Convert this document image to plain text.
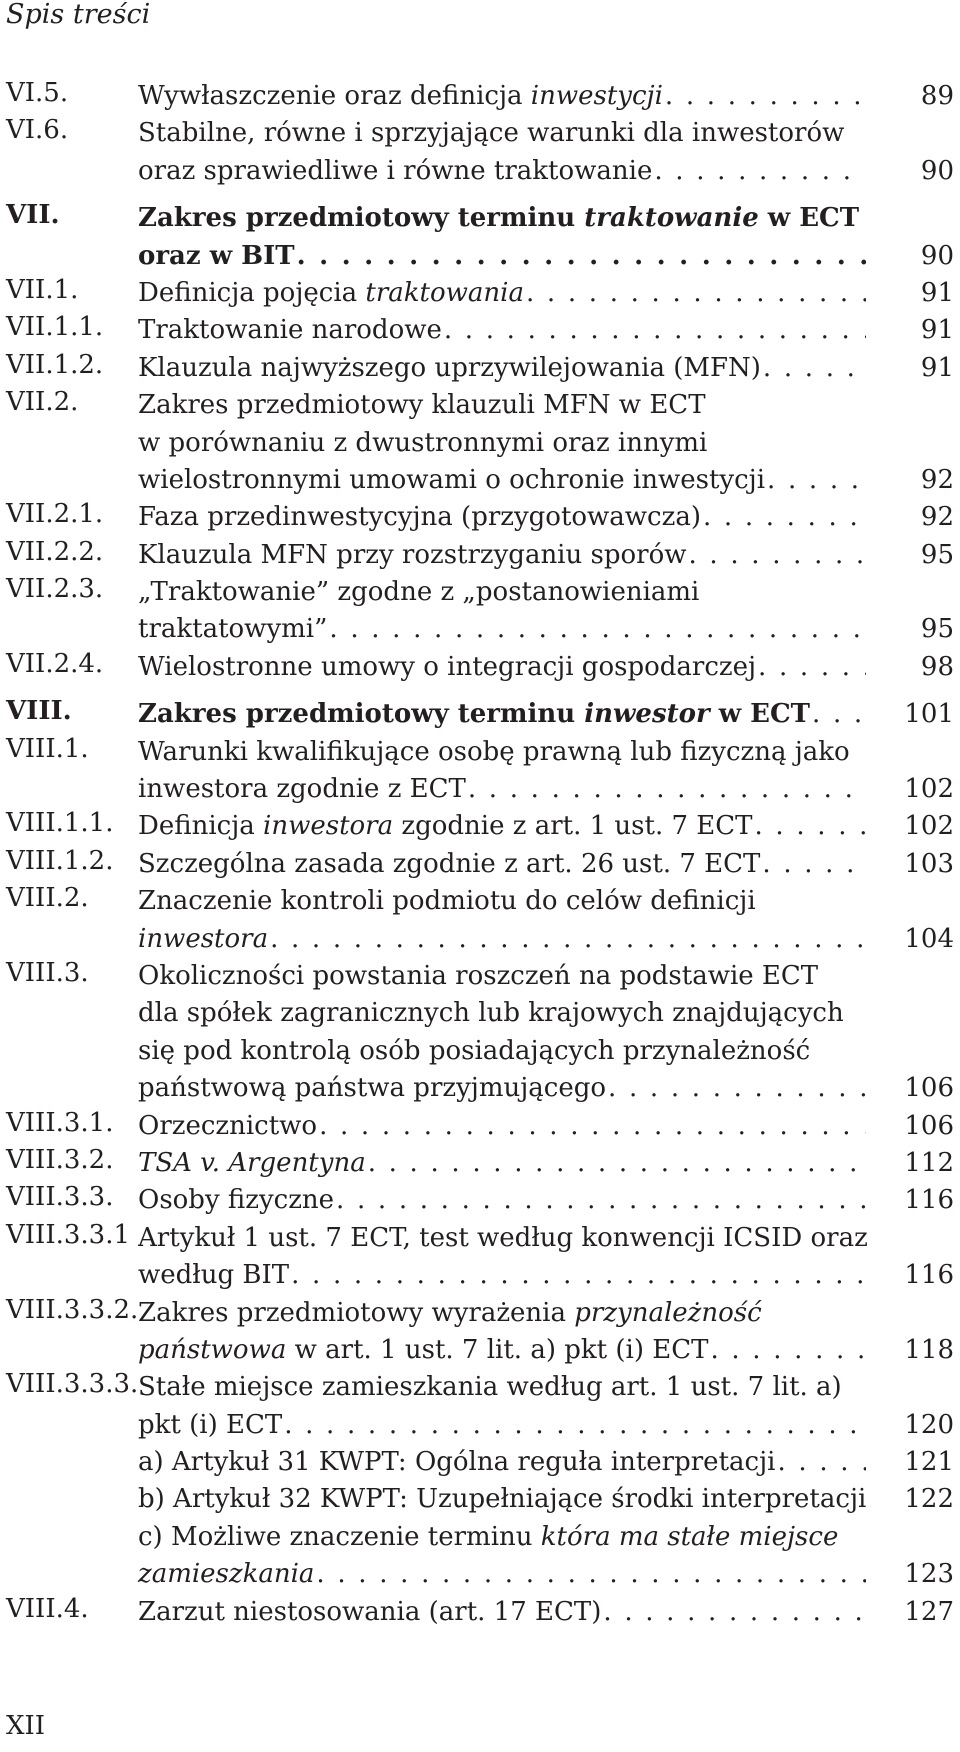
Spis treści
VI.5.	Wywłaszczenie oraz definicja inwestycji . . .	89
VI.6.	Stabilne, równe i sprzyjające warunki dla inwestorów
oraz sprawiedliwe i równe traktowanie . . .	90
VII.	Zakres przedmiotowy terminu traktowanie w ECT
oraz w BIT . . .	90
VII.1.	Definicja pojęcia traktowania . . .	91
VII.1.1.	Traktowanie narodowe . . .	91
VII.1.2.	Klauzula najwyższego uprzywilejowania (MFN) . . .	91
VII.2.	Zakres przedmiotowy klauzuli MFN w ECT
w porównaniu z dwustronnymi oraz innymi
wielostronnymi umowami o ochronie inwestycji . . .	92
VII.2.1.	Faza przedinwestycyjna (przygotowawcza) . . .	92
VII.2.2.	Klauzula MFN przy rozstrzyganiu sporów . . .	95
VII.2.3.	„Traktowanie” zgodne z „postanowieniami
traktatowymi” . . .	95
VII.2.4.	Wielostronne umowy o integracji gospodarczej . . .	98
VIII.	Zakres przedmiotowy terminu inwestor w ECT . . .	101
VIII.1.	Warunki kwalifikujące osobę prawną lub fizyczną jako
inwestora zgodnie z ECT . . .	102
VIII.1.1. Definicja inwestora zgodnie z art. 1 ust. 7 ECT . . .	102
VIII.1.2. Szczególna zasada zgodnie z art. 26 ust. 7 ECT . . .	103
VIII.2.	Znaczenie kontroli podmiotu do celów definicji
inwestora . . .	104
VIII.3.	Okoliczności powstania roszczeń na podstawie ECT
dla spółek zagranicznych lub krajowych znajdujących
się pod kontrolą osób posiadających przynależność
państwową państwa przyjmującego . . .	106
VIII.3.1. Orzecznictwo . . .	106
VIII.3.2. TSA v. Argentyna . . .	112
VIII.3.3. Osoby fizyczne . . .	116
VIII.3.3.1 Artykuł 1 ust. 7 ECT, test według konwencji ICSID oraz
według BIT . . .	116
VIII.3.3.2. Zakres przedmiotowy wyrażenia przynależność
państwowa w art. 1 ust. 7 lit. a) pkt (i) ECT . . .	118
VIII.3.3.3. Stałe miejsce zamieszkania według art. 1 ust. 7 lit. a)
pkt (i) ECT . . .	120
a) Artykuł 31 KWPT: Ogólna reguła interpretacji . . .	121
b) Artykuł 32 KWPT: Uzupełniające środki interpretacji	122
c) Możliwe znaczenie terminu która ma stałe miejsce
zamieszkania . . .	123
VIII.4.	Zarzut niestosowania (art. 17 ECT) . . .	127
XII
